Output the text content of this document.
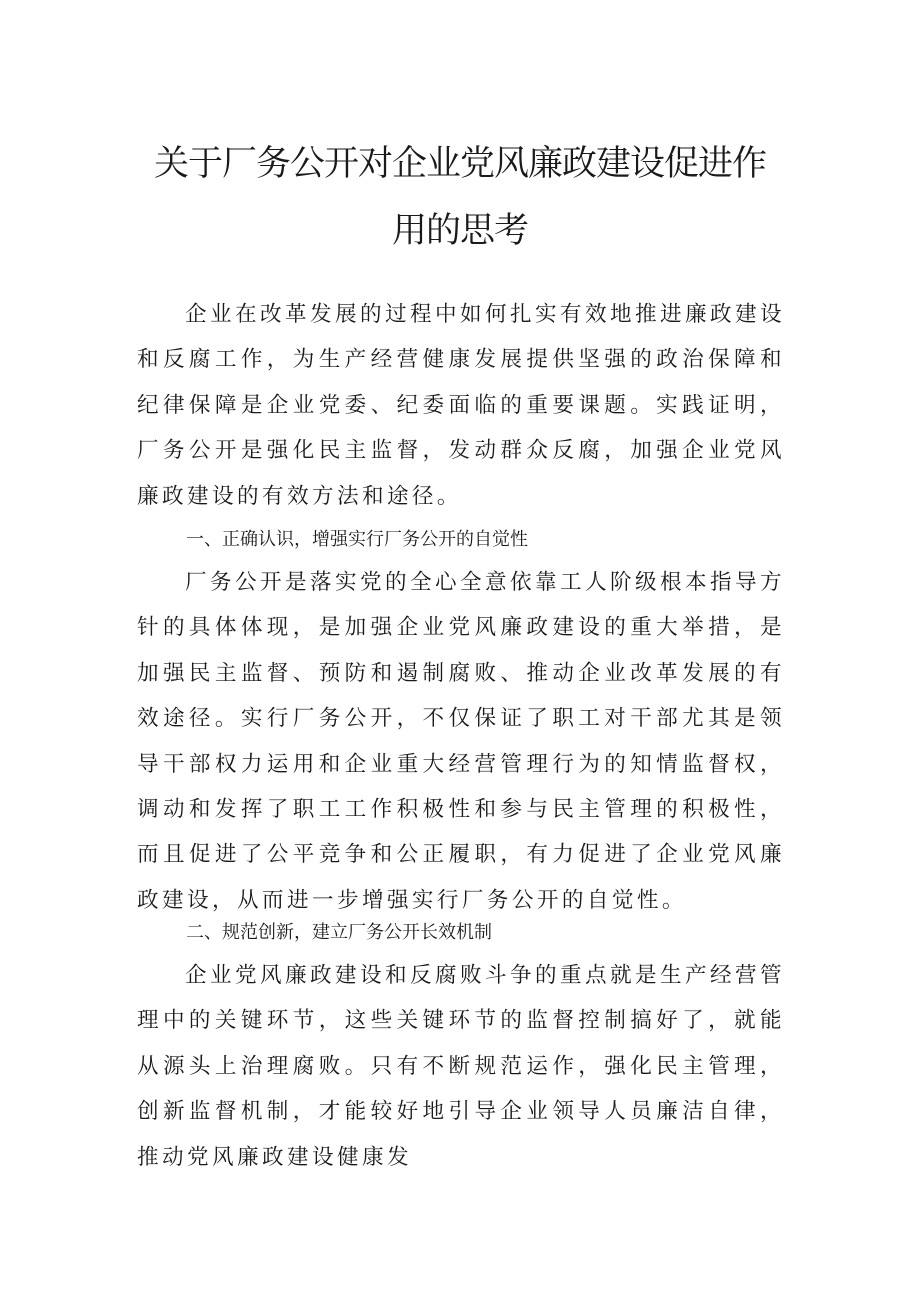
关于厂务公开对企业党风廉政建设促进作
用的思考

企业在改革发展的过程中如何扎实有效地推进廉政建设和反腐工作，为生产经营健康发展提供坚强的政治保障和纪律保障是企业党委、纪委面临的重要课题。实践证明，厂务公开是强化民主监督，发动群众反腐，加强企业党风廉政建设的有效方法和途径。

一、正确认识，增强实行厂务公开的自觉性

厂务公开是落实党的全心全意依靠工人阶级根本指导方针的具体体现，是加强企业党风廉政建设的重大举措，是加强民主监督、预防和遏制腐败、推动企业改革发展的有效途径。实行厂务公开，不仅保证了职工对干部尤其是领导干部权力运用和企业重大经营管理行为的知情监督权，调动和发挥了职工工作积极性和参与民主管理的积极性，而且促进了公平竞争和公正履职，有力促进了企业党风廉政建设，从而进一步增强实行厂务公开的自觉性。

二、规范创新，建立厂务公开长效机制

企业党风廉政建设和反腐败斗争的重点就是生产经营管理中的关键环节，这些关键环节的监督控制搞好了，就能从源头上治理腐败。只有不断规范运作，强化民主管理，创新监督机制，才能较好地引导企业领导人员廉洁自律，推动党风廉政建设健康发
